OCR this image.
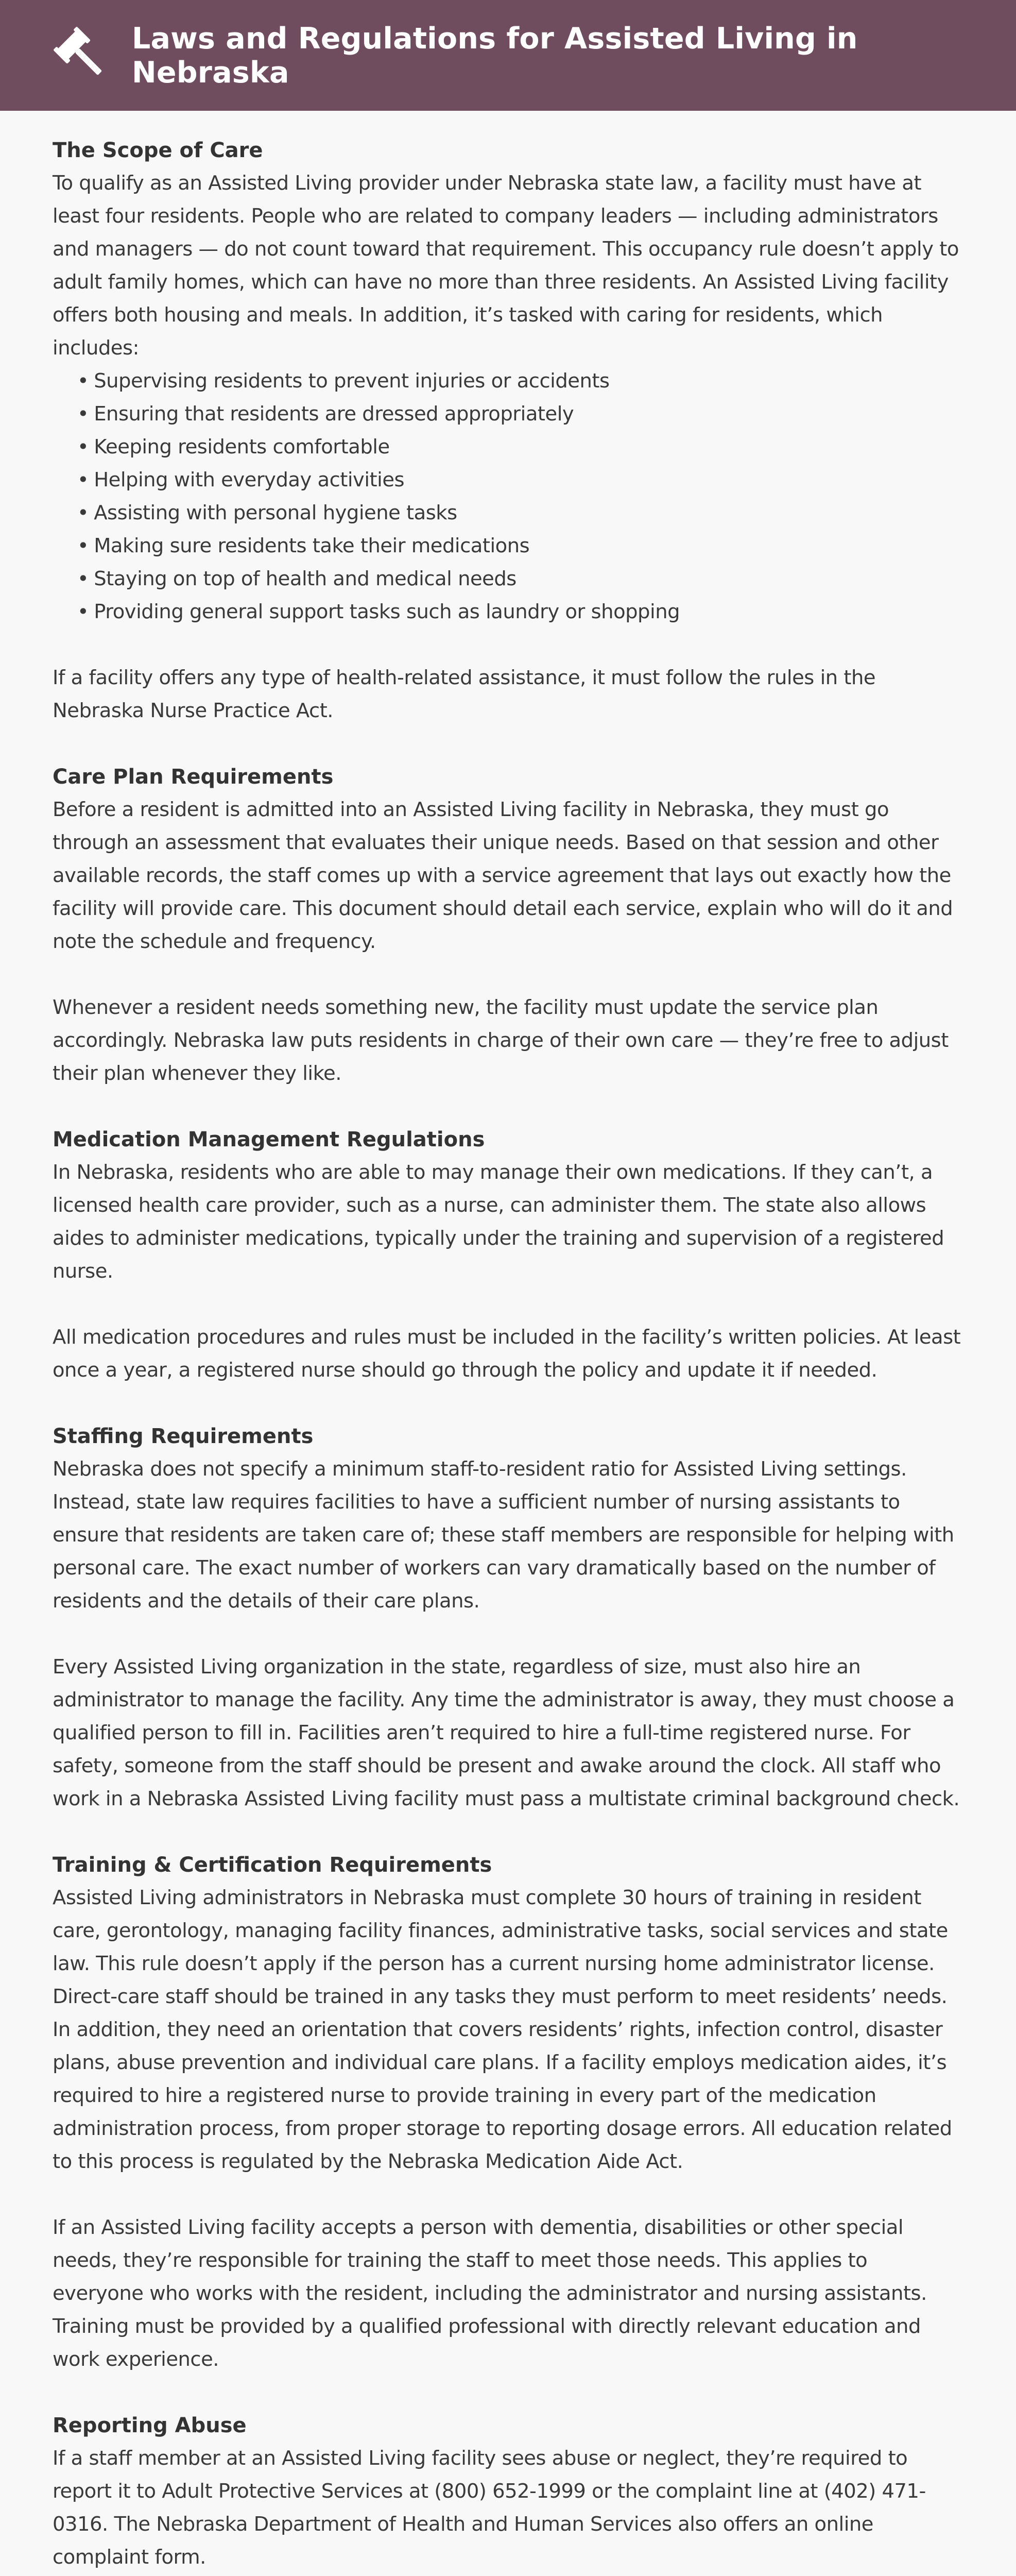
Laws and Regulations for Assisted Living in Nebraska
The Scope of Care

To qualify as an Assisted Living provider under Nebraska state law, a facility must have at least four residents. People who are related to company leaders — including administrators and managers — do not count toward that requirement. This occupancy rule doesn’t apply to adult family homes, which can have no more than three residents. An Assisted Living facility offers both housing and meals. In addition, it’s tasked with caring for residents, which includes:

• Supervising residents to prevent injuries or accidents
• Ensuring that residents are dressed appropriately
• Keeping residents comfortable
• Helping with everyday activities
• Assisting with personal hygiene tasks
• Making sure residents take their medications
• Staying on top of health and medical needs
• Providing general support tasks such as laundry or shopping

If a facility offers any type of health-related assistance, it must follow the rules in the Nebraska Nurse Practice Act.

Care Plan Requirements

Before a resident is admitted into an Assisted Living facility in Nebraska, they must go through an assessment that evaluates their unique needs. Based on that session and other available records, the staff comes up with a service agreement that lays out exactly how the facility will provide care. This document should detail each service, explain who will do it and note the schedule and frequency.

Whenever a resident needs something new, the facility must update the service plan accordingly. Nebraska law puts residents in charge of their own care — they’re free to adjust their plan whenever they like.

Medication Management Regulations

In Nebraska, residents who are able to may manage their own medications. If they can’t, a licensed health care provider, such as a nurse, can administer them. The state also allows aides to administer medications, typically under the training and supervision of a registered nurse.

All medication procedures and rules must be included in the facility’s written policies. At least once a year, a registered nurse should go through the policy and update it if needed.

Staffing Requirements

Nebraska does not specify a minimum staff-to-resident ratio for Assisted Living settings. Instead, state law requires facilities to have a sufficient number of nursing assistants to ensure that residents are taken care of; these staff members are responsible for helping with personal care. The exact number of workers can vary dramatically based on the number of residents and the details of their care plans.

Every Assisted Living organization in the state, regardless of size, must also hire an administrator to manage the facility. Any time the administrator is away, they must choose a qualified person to fill in. Facilities aren’t required to hire a full-time registered nurse. For safety, someone from the staff should be present and awake around the clock. All staff who work in a Nebraska Assisted Living facility must pass a multistate criminal background check.

Training & Certification Requirements

Assisted Living administrators in Nebraska must complete 30 hours of training in resident care, gerontology, managing facility finances, administrative tasks, social services and state law. This rule doesn’t apply if the person has a current nursing home administrator license. Direct-care staff should be trained in any tasks they must perform to meet residents’ needs. In addition, they need an orientation that covers residents’ rights, infection control, disaster plans, abuse prevention and individual care plans. If a facility employs medication aides, it’s required to hire a registered nurse to provide training in every part of the medication administration process, from proper storage to reporting dosage errors. All education related to this process is regulated by the Nebraska Medication Aide Act.

If an Assisted Living facility accepts a person with dementia, disabilities or other special needs, they’re responsible for training the staff to meet those needs. This applies to everyone who works with the resident, including the administrator and nursing assistants. Training must be provided by a qualified professional with directly relevant education and work experience.

Reporting Abuse

If a staff member at an Assisted Living facility sees abuse or neglect, they’re required to report it to Adult Protective Services at (800) 652-1999 or the complaint line at (402) 471-0316. The Nebraska Department of Health and Human Services also offers an online complaint form.
